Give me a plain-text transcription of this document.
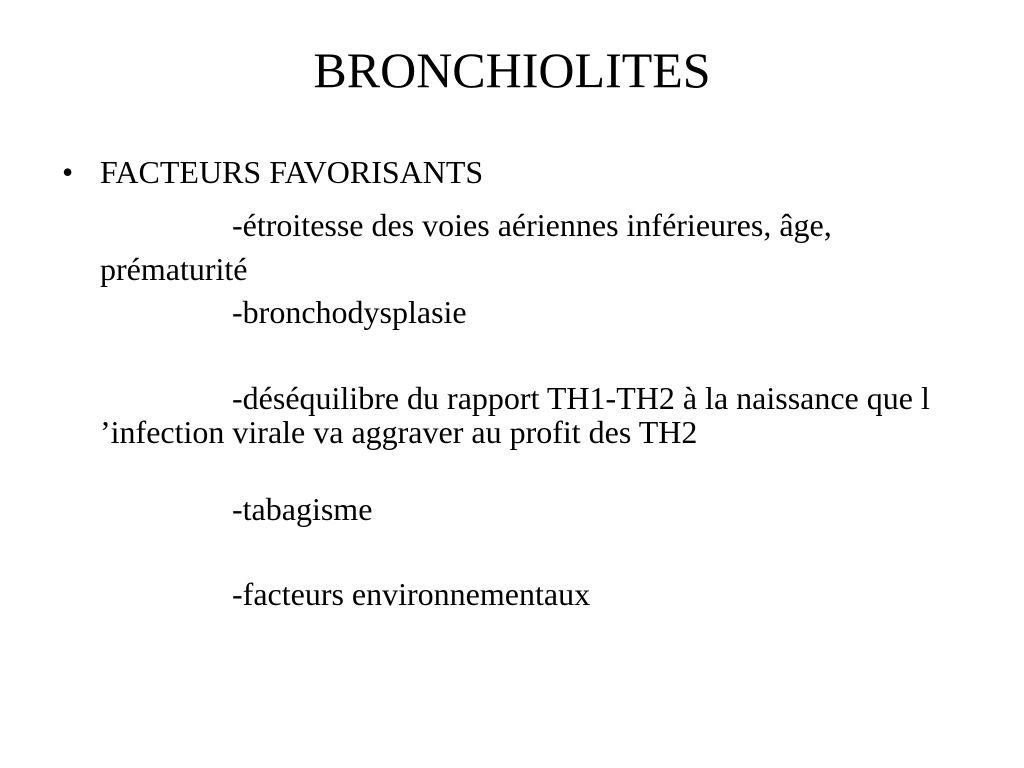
BRONCHIOLITES
• FACTEURS FAVORISANTS
-étroitesse des voies aériennes inférieures, âge,
prématurité
-bronchodysplasie
-déséquilibre du rapport TH1-TH2 à la naissance que l ’infection virale va aggraver au profit des TH2
-tabagisme
-facteurs environnementaux
